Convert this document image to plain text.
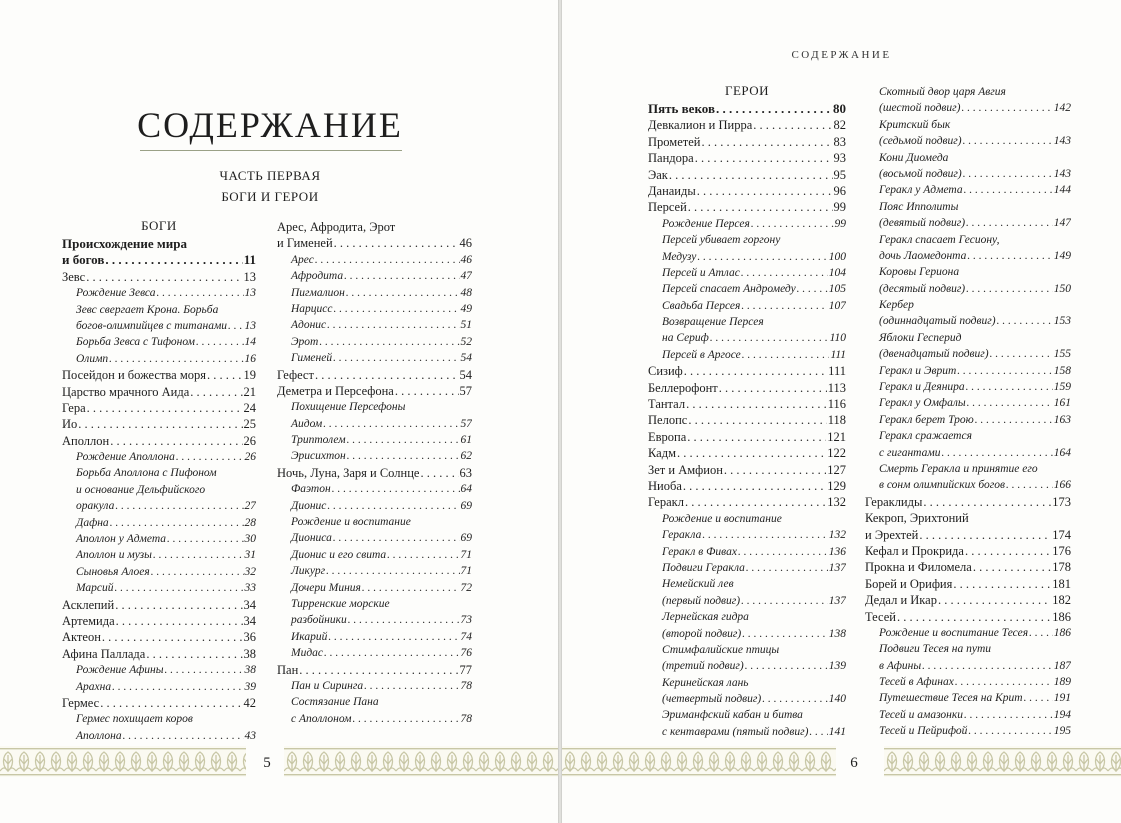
СОДЕРЖАНИЕ
ЧАСТЬ ПЕРВАЯ
БОГИ И ГЕРОИ
БОГИ
Происхождение мира
и богов . . .	11
Зевс . . .	13
Рождение Зевса . . .	13
Зевс свергает Крона. Борьба
богов-олимпийцев с титанами . . . 13
Борьба Зевса с Тифоном . . .	14
Олимп . . .	16
Посейдон и божества моря . . .	19
Царство мрачного Аида . . .	21
Гера . . .	24
Ио . . .	25
Аполлон . . .	26
Рождение Аполлона . . .	26
Борьба Аполлона с Пифоном
и основание Дельфийского
оракула . . .	27
Дафна . . .	28
Аполлон у Адмета . . .	30
Аполлон и музы . . .	31
Сыновья Алоея . . .	32
Марсий . . .	33
Асклепий . . .	34
Артемида . . .	34
Актеон . . .	36
Афина Паллада . . .	38
Рождение Афины . . .	38
Арахна . . .	39
Гермес . . .	42
Гермес похищает коров
Аполлона . . .	43
Арес, Афродита, Эрот
и Гименей . . .	46
Арес . . .	46
Афродита . . .	47
Пигмалион . . .	48
Нарцисс . . .	49
Адонис . . .	51
Эрот . . .	52
Гименей . . .	54
Гефест . . .	54
Деметра и Персефона . . .	57
Похищение Персефоны
Аидом . . .	57
Триптолем . . .	61
Эрисихтон . . .	62
Ночь, Луна, Заря и Солнце . . .	63
Фаэтон . . .	64
Дионис . . .	69
Рождение и воспитание
Диониса . . .	69
Дионис и его свита . . .	71
Ликург . . .	71
Дочери Миния . . .	72
Тирренские морские
разбойники . . .	73
Икарий . . .	74
Мидас . . .	76
Пан . . .	77
Пан и Сиринга . . .	78
Состязание Пана
с Аполлоном . . .	78
5
СОДЕРЖАНИЕ
ГЕРОИ
Пять веков . . .	80
Девкалион и Пирра . . .	82
Прометей . . .	83
Пандора . . .	93
Эак . . .	95
Данаиды . . .	96
Персей . . .	99
Рождение Персея . . .	99
Персей убивает горгону
Медузу . . .	100
Персей и Атлас . . .	104
Персей спасает Андромеду . . .	105
Свадьба Персея . . .	107
Возвращение Персея
на Сериф . . .	110
Персей в Аргосе . . .	111
Сизиф . . .	111
Беллерофонт . . .	113
Тантал . . .	116
Пелопс . . .	118
Европа . . .	121
Кадм . . .	122
Зет и Амфион . . .	127
Ниоба . . .	129
Геракл . . .	132
Рождение и воспитание
Геракла . . .	132
Геракл в Фивах . . .	136
Подвиги Геракла . . .	137
Немейский лев
(первый подвиг) . . .	137
Лернейская гидра
(второй подвиг) . . .	138
Стимфалийские птицы
(третий подвиг) . . .	139
Керинейская лань
(четвертый подвиг) . . .	140
Эриманфский кабан и битва
с кентаврами (пятый подвиг) . . . 141
Скотный двор царя Авгия
(шестой подвиг) . . .	142
Критский бык
(седьмой подвиг) . . .	143
Кони Диомеда
(восьмой подвиг) . . .	143
Геракл у Адмета . . .	144
Пояс Ипполиты
(девятый подвиг) . . .	147
Геракл спасает Гесиону,
дочь Лаомедонта . . .	149
Коровы Гериона
(десятый подвиг) . . .	150
Кербер
(одиннадцатый подвиг) . . .	153
Яблоки Гесперид
(двенадцатый подвиг) . . .	155
Геракл и Эврит . . .	158
Геракл и Деянира . . .	159
Геракл у Омфалы . . .	161
Геракл берет Трою . . .	163
Геракл сражается
с гигантами . . .	164
Смерть Геракла и принятие его
в сонм олимпийских богов . . .	166
Гераклиды . . .	173
Кекроп, Эрихтоний
и Эрехтей . . .	174
Кефал и Прокрида . . .	176
Прокна и Филомела . . .	178
Борей и Орифия . . .	181
Дедал и Икар . . .	182
Тесей . . .	186
Рождение и воспитание Тесея . . . 186
Подвиги Тесея на пути
в Афины . . .	187
Тесей в Афинах . . .	189
Путешествие Тесея на Крит . . .	191
Тесей и амазонки . . .	194
Тесей и Пейрифой . . .	195
6
